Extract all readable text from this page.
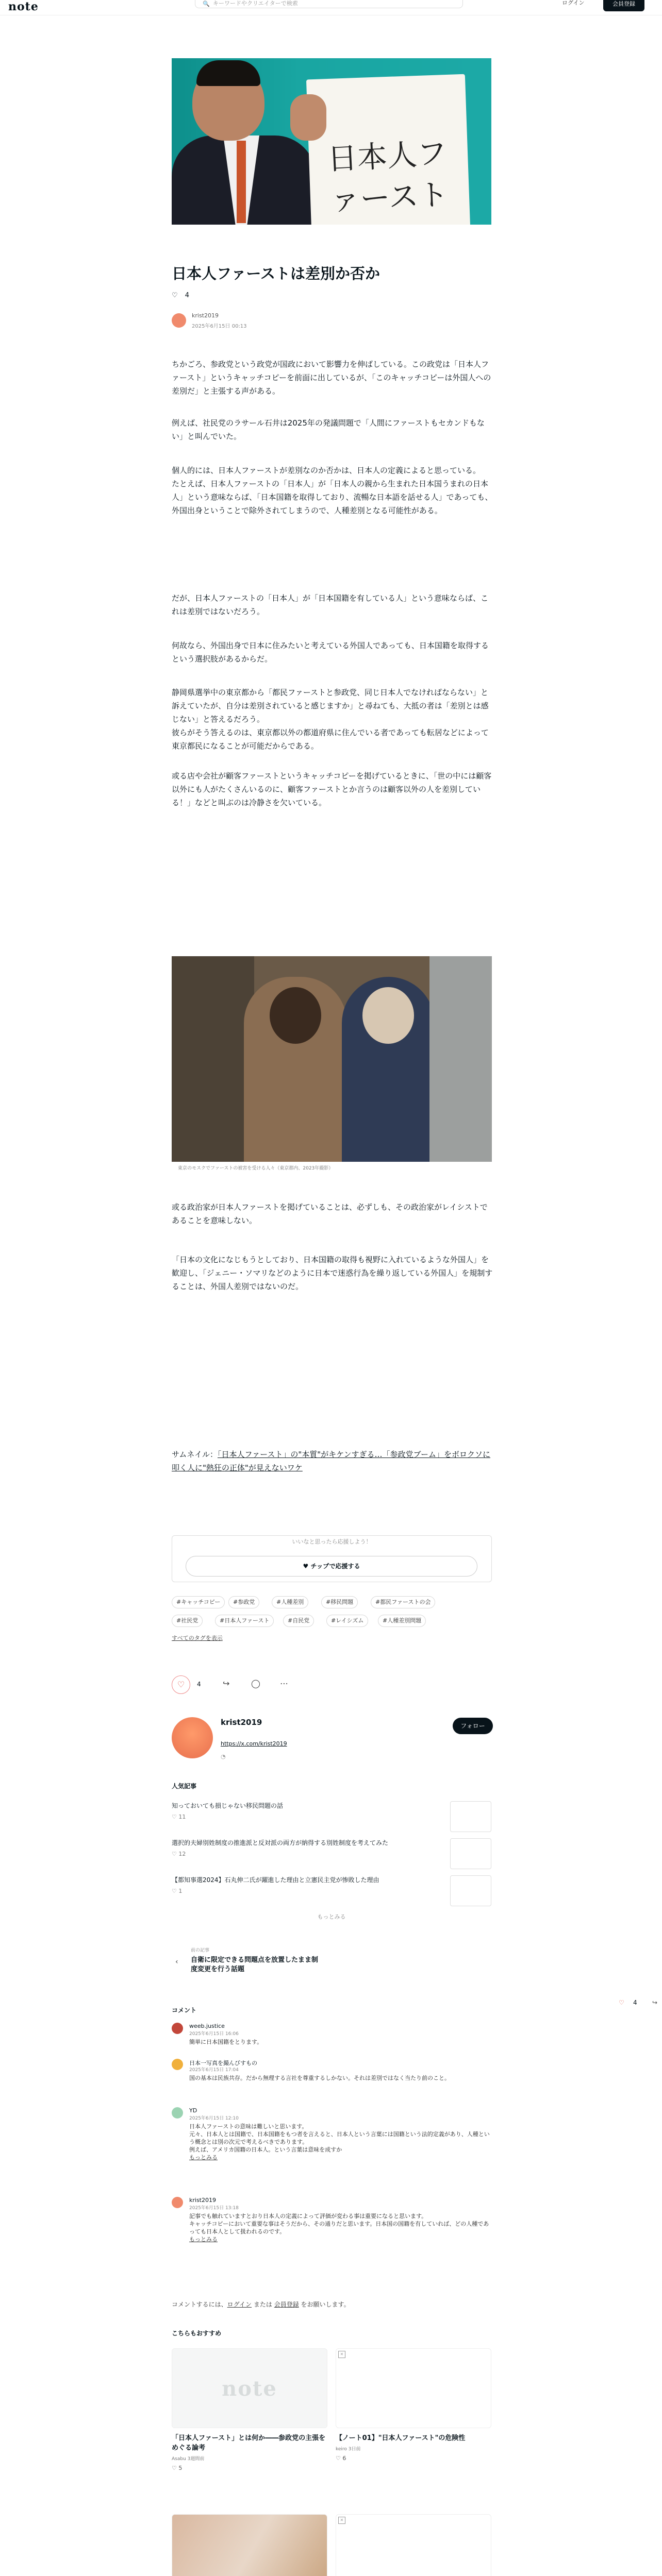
note	🔍 キーワードやクリエイターで検索	ログイン	会員登録
日本人ファースト
日本人ファーストは差別か否か
♡ 4
krist2019
2025年6月15日 00:13
ちかごろ、参政党という政党が国政において影響力を伸ばしている。この政党は「日本人ファースト」というキャッチコピーを前面に出しているが、「このキャッチコピーは外国人への差別だ」と主張する声がある。
例えば、社民党のラサール石井は2025年の発議問題で「人間にファーストもセカンドもない」と叫んでいた。
個人的には、日本人ファーストが差別なのか否かは、日本人の定義によると思っている。
たとえば、日本人ファーストの「日本人」が「日本人の親から生まれた日本国うまれの日本人」という意味ならば、「日本国籍を取得しており、流暢な日本語を話せる人」であっても、外国出身ということで除外されてしまうので、人種差別となる可能性がある。
だが、日本人ファーストの「日本人」が「日本国籍を有している人」という意味ならば、これは差別ではないだろう。
何故なら、外国出身で日本に住みたいと考えている外国人であっても、日本国籍を取得するという選択肢があるからだ。
静岡県選挙中の東京都から「都民ファーストと参政党、同じ日本人でなければならない」と訴えていたが、自分は差別されていると感じますか」と尋ねても、大抵の者は「差別とは感じない」と答えるだろう。
彼らがそう答えるのは、東京都以外の都道府県に住んでいる者であっても転居などによって東京都民になることが可能だからである。
或る店や会社が顧客ファーストというキャッチコピーを掲げているときに、「世の中には顧客以外にも人がたくさんいるのに、顧客ファーストとか言うのは顧客以外の人を差別している！」などと叫ぶのは冷静さを欠いている。
東京のモスクでファーストの被害を受ける人々（東京都内、2023年撮影）
或る政治家が日本人ファーストを掲げていることは、必ずしも、その政治家がレイシストであることを意味しない。
「日本の文化になじもうとしており、日本国籍の取得も視野に入れているような外国人」を歓迎し、「ジェニー・ソマリなどのように日本で迷惑行為を繰り返している外国人」を規制することは、外国人差別ではないのだ。
サムネイル：「日本人ファースト」の"本質"がキケンすぎる…「参政党ブーム」をボロクソに叩く人に"熱狂の正体"が見えないワケ
いいなと思ったら応援しよう！
♥ チップで応援する
#キャッチコピー	#参政党	#人種差別	#移民問題	#都民ファーストの会
#社民党	#日本人ファースト	#自民党	#レイシズム	#人種差別問題
すべてのタグを表示
♡	4	↪	◯ ⋯
krist2019
https://x.com/krist2019
◔
フォロー
人気記事
知っておいても損じゃない移民問題の話
♡ 11
選択的夫婦別姓制度の推進派と反対派の両方が納得する別姓制度を考えてみた
♡ 12
【都知事選2024】石丸伸二氏が躍進した理由と立憲民主党が惨敗した理由
♡ 1
もっとみる
‹
前の記事
自衛に限定できる問題点を放置したまま制度変更を行う話題
コメント
♡ 4 ↪
weeb.justice
2025年6月15日 16:06
簡単に日本国籍をとります。
日本一写真を撮んびすもの
2025年6月15日 17:04
国の基本は民族共存。だから無理する言社を尊重するしかない。それは差別ではなく当たり前のこと。
YD
2025年6月15日 12:10
日本人ファーストの意味は難しいと思います。
元々、日本人とは国籍で、日本国籍をもつ者を言えると、日本人という言葉には国籍という法的定義があり、人種という概念とは別の次元で考えるべきであります。
例えば、アメリカ国籍の日本人。という言葉は意味を成すか
もっとみる
krist2019
2025年6月15日 13:18
記事でも触れていますとおり日本人の定義によって評価が変わる事は重要になると思います。
キャッチコピーにおいて重要な事はそうだから、その通りだと思います。日本国の国籍を有していれば、どの人種であっても日本人として扱われるのです。
もっとみる
コメントするには、ログイン または 会員登録 をお願いします。
こちらもおすすめ
note
「日本人ファースト」とは何か――参政党の主張をめぐる論考
Asabu 3週間前
♡ 5
✕
【ノート01】"日本人ファースト"の危険性
keiro 3日前
♡ 6
✕
